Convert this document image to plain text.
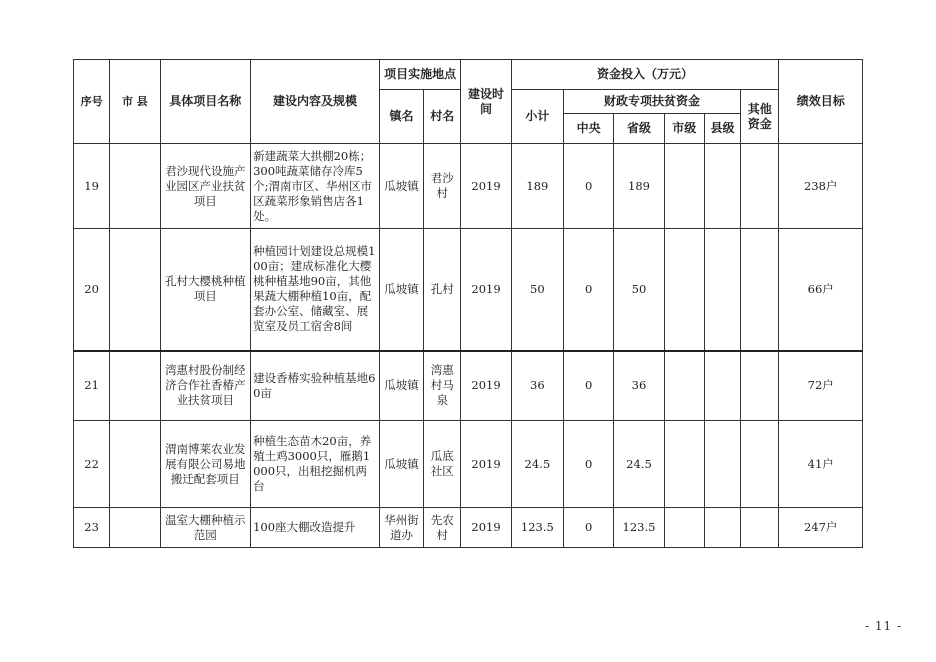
序号	市 县	具体项目名称	建设内容及规模	项目实施地点		建设时间	资金投入（万元）						绩效目标
				镇名	村名		小计	财政专项扶贫资金				其他资金	
								中央	省级	市级	县级		
19		君沙现代设施产业园区产业扶贫项目	新建蔬菜大拱棚20栋；300吨蔬菜储存冷库5个;渭南市区、华州区市区蔬菜形象销售店各1处。	瓜坡镇	君沙村	2019	189	0	189				238户
20		孔村大樱桃种植项目	种植园计划建设总规模100亩；建成标准化大樱桃种植基地90亩，其他果蔬大棚种植10亩，配套办公室、储藏室、展览室及员工宿舍8间	瓜坡镇	孔村	2019	50	0	50				66户
21		湾惠村股份制经济合作社香椿产业扶贫项目	建设香椿实验种植基地60亩	瓜坡镇	湾惠村马泉	2019	36	0	36				72户
22		渭南博莱农业发展有限公司易地搬迁配套项目	种植生态苗木20亩，养殖土鸡3000只，雁鹅1000只，出租挖掘机两台	瓜坡镇	瓜底社区	2019	24.5	0	24.5				41户
23		温室大棚种植示范园	100座大棚改造提升	华州街道办	先农村	2019	123.5	0	123.5				247户
- 11 -
